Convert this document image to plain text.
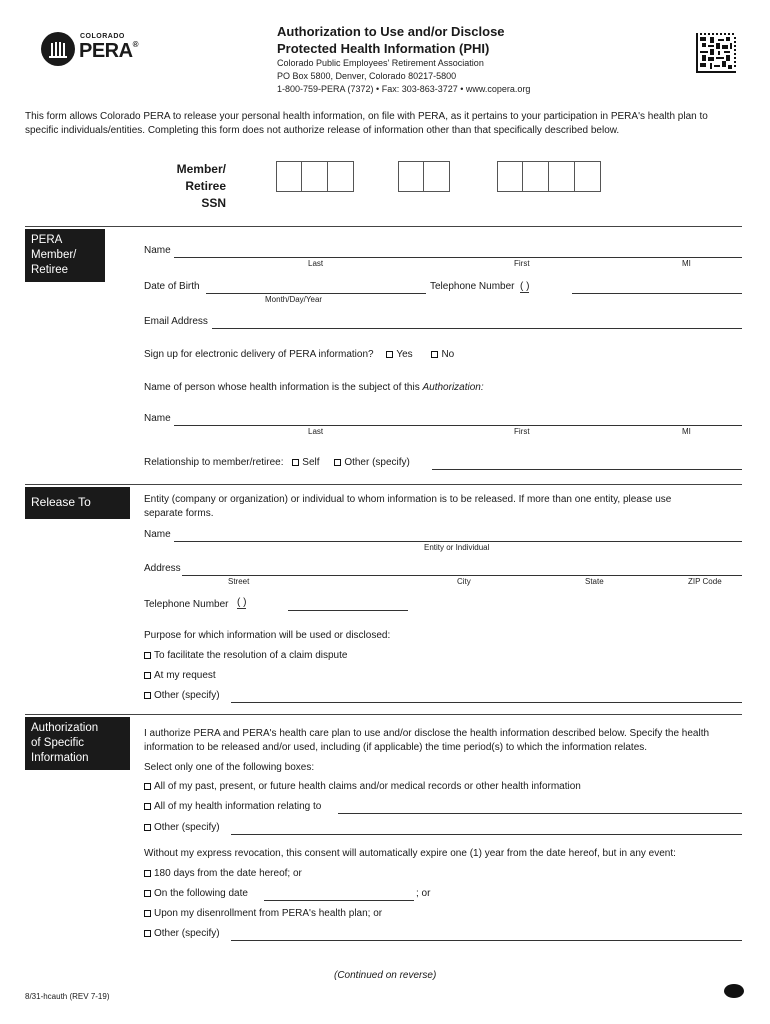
COLORADO
PERA®
Authorization to Use and/or Disclose
Protected Health Information (PHI)
Colorado Public Employees' Retirement Association
PO Box 5800, Denver, Colorado 80217-5800
1-800-759-PERA (7372) • Fax: 303-863-3727 • www.copera.org
This form allows Colorado PERA to release your personal health information, on file with PERA, as it pertains to your participation in PERA's health plan to
specific individuals/entities. Completing this form does not authorize release of information other than that specifically described below.
Member/
Retiree SSN
PERA Member/
Retiree
Name
Last	First	MI
Date of Birth
Month/Day/Year
Telephone Number ( )
Email Address
Sign up for electronic delivery of PERA information? Yes	No
Name of person whose health information is the subject of this Authorization:
Name
Last	First	MI
Relationship to member/retiree: Self Other (specify)
Release To	Entity (company or organization) or individual to whom information is to be released. If more than one entity, please use
separate forms.
Name
Entity or Individual
Address
Street	City	State	ZIP Code
Telephone Number ( )
Purpose for which information will be used or disclosed:
To facilitate the resolution of a claim dispute
At my request
Other (specify)
Authorization
of Specific
Information
I authorize PERA and PERA's health care plan to use and/or disclose the health information described below. Specify the health
information to be released and/or used, including (if applicable) the time period(s) to which the information relates.
Select only one of the following boxes:
All of my past, present, or future health claims and/or medical records or other health information
All of my health information relating to
Other (specify)
Without my express revocation, this consent will automatically expire one (1) year from the date hereof, but in any event:
180 days from the date hereof; or
On the following date	; or
Upon my disenrollment from PERA's health plan; or
Other (specify)
(Continued on reverse)
8/31-hcauth (REV 7-19)
